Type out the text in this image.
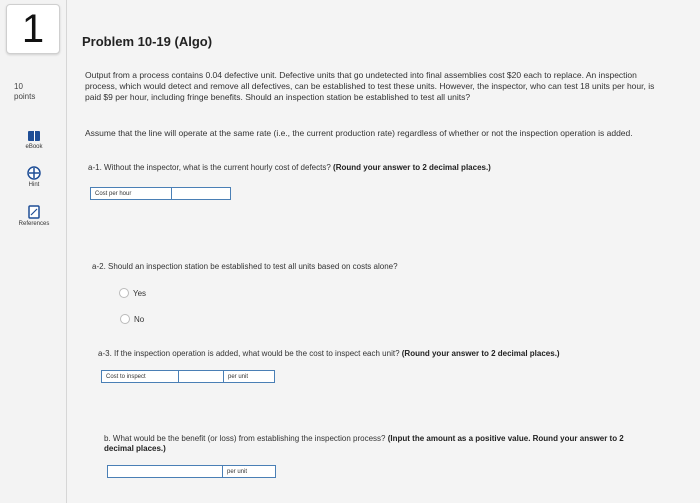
1
10
points
eBook
Hint
References
Problem 10-19 (Algo)
Output from a process contains 0.04 defective unit. Defective units that go undetected into final assemblies cost $20 each to replace. An inspection process, which would detect and remove all defectives, can be established to test these units. However, the inspector, who can test 18 units per hour, is paid $9 per hour, including fringe benefits. Should an inspection station be established to test all units?
Assume that the line will operate at the same rate (i.e., the current production rate) regardless of whether or not the inspection operation is added.
a-1. Without the inspector, what is the current hourly cost of defects? (Round your answer to 2 decimal places.)
Cost per hour
a-2. Should an inspection station be established to test all units based on costs alone?
Yes
No
a-3. If the inspection operation is added, what would be the cost to inspect each unit? (Round your answer to 2 decimal places.)
Cost to inspect	per unit
b. What would be the benefit (or loss) from establishing the inspection process? (Input the amount as a positive value. Round your answer to 2 decimal places.)
per unit
